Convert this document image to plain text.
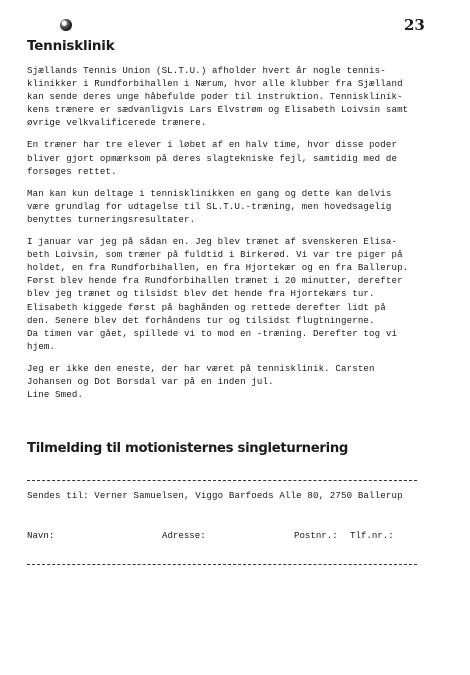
23
Tennisklinik

Sjællands Tennis Union (SL.T.U.) afholder hvert år nogle tennis-
klinikker i Rundforbihallen i Nærum, hvor alle klubber fra Sjælland
kan sende deres unge håbefulde poder til instruktion. Tenniskliník-
kens trænere er sædvanligvis Lars Elvstrøm og Elisabeth Loivsin samt
øvrige velkvalificerede trænere.

En træner har tre elever i løbet af en halv time, hvor disse poder
bliver gjort opmærksom på deres slagtekniske fejl, samtidig med de
forsøges rettet.

Man kan kun deltage i tennisklinikken en gang og dette kan delvis
være grundlag for udtagelse til SL.T.U.-træning, men hovedsagelig
benyttes turneringsresultater.

I januar var jeg på sådan en. Jeg blev trænet af svenskeren Elisa-
beth Loivsin, som træner på fuldtid i Birkerød. Vi var tre piger på
holdet, en fra Rundforbihallen, en fra Hjortekær og en fra Ballerup.
Først blev hende fra Rundforbihallen trænet i 20 minutter, derefter
blev jeg trænet og tilsidst blev det hende fra Hjortekærs tur.
Elisabeth kiggede først på baghånden og rettede derefter lidt på
den. Senere blev det forhåndens tur og tilsidst flugtningerne.
Da timen var gået, spillede vi to mod en -træning. Derefter tog vi
hjem.

Jeg er ikke den eneste, der har været på tennisklinik. Carsten
Johansen og Dot Borsdal var på en inden jul.
Line Smed.

Tilmelding til motionisternes singleturnering
Sendes til: Verner Samuelsen, Viggo Barfoeds Alle 80, 2750 Ballerup
Navn:	Adresse:	Postnr.: Tlf.nr.:
